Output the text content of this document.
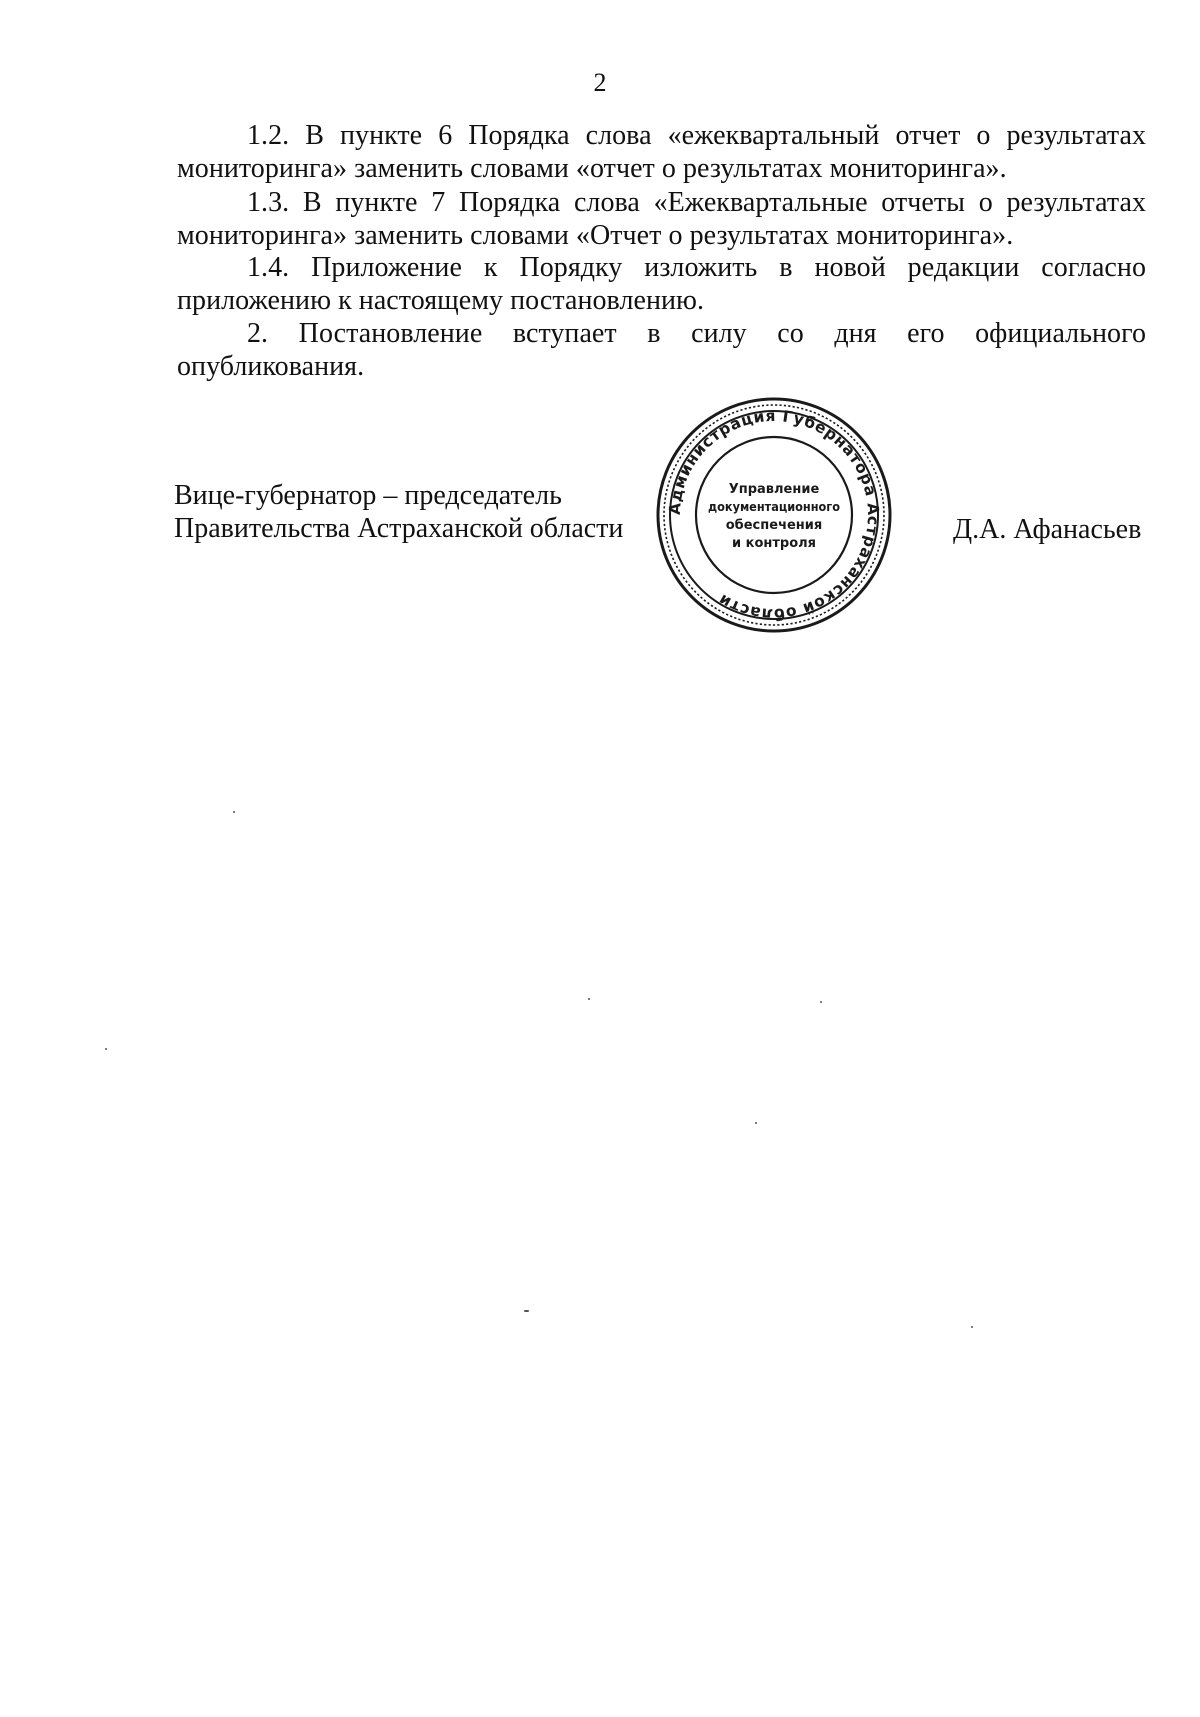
2
1.2. В пункте 6 Порядка слова «ежеквартальный отчет о результатах мониторинга» заменить словами «отчет о результатах мониторинга».
1.3. В пункте 7 Порядка слова «Ежеквартальные отчеты о результатах мониторинга» заменить словами «Отчет о результатах мониторинга».
1.4. Приложение к Порядку изложить в новой редакции согласно приложению к настоящему постановлению.
2. Постановление вступает в силу со дня его официального опубликования.
Вице-губернатор – председатель
Правительства Астраханской области	Д.А. Афанасьев
Администрация Губернатора Астраханской области
Управление
документационного
обеспечения
и контроля
